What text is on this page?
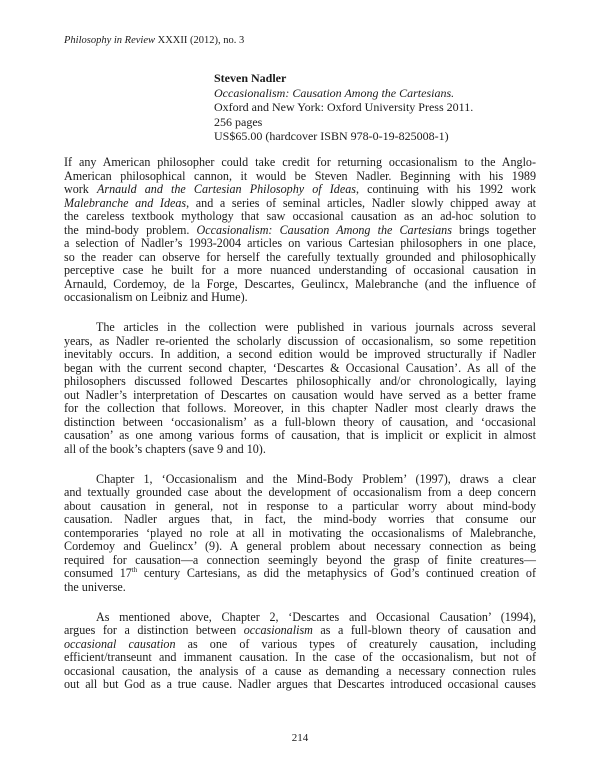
Philosophy in Review XXXII (2012), no. 3
Steven Nadler
Occasionalism: Causation Among the Cartesians.
Oxford and New York: Oxford University Press 2011.
256 pages
US$65.00 (hardcover ISBN 978-0-19-825008-1)
If any American philosopher could take credit for returning occasionalism to the Anglo-
American philosophical cannon, it would be Steven Nadler. Beginning with his 1989
work Arnauld and the Cartesian Philosophy of Ideas, continuing with his 1992 work
Malebranche and Ideas, and a series of seminal articles, Nadler slowly chipped away at
the careless textbook mythology that saw occasional causation as an ad-hoc solution to
the mind-body problem. Occasionalism: Causation Among the Cartesians brings together
a selection of Nadler’s 1993-2004 articles on various Cartesian philosophers in one place,
so the reader can observe for herself the carefully textually grounded and philosophically
perceptive case he built for a more nuanced understanding of occasional causation in
Arnauld, Cordemoy, de la Forge, Descartes, Geulincx, Malebranche (and the influence of
occasionalism on Leibniz and Hume).
The articles in the collection were published in various journals across several
years, as Nadler re-oriented the scholarly discussion of occasionalism, so some repetition
inevitably occurs. In addition, a second edition would be improved structurally if Nadler
began with the current second chapter, ‘Descartes & Occasional Causation’. As all of the
philosophers discussed followed Descartes philosophically and/or chronologically, laying
out Nadler’s interpretation of Descartes on causation would have served as a better frame
for the collection that follows. Moreover, in this chapter Nadler most clearly draws the
distinction between ‘occasionalism’ as a full-blown theory of causation, and ‘occasional
causation’ as one among various forms of causation, that is implicit or explicit in almost
all of the book’s chapters (save 9 and 10).
Chapter 1, ‘Occasionalism and the Mind-Body Problem’ (1997), draws a clear
and textually grounded case about the development of occasionalism from a deep concern
about causation in general, not in response to a particular worry about mind-body
causation. Nadler argues that, in fact, the mind-body worries that consume our
contemporaries ‘played no role at all in motivating the occasionalisms of Malebranche,
Cordemoy and Guelincx’ (9). A general problem about necessary connection as being
required for causation—a connection seemingly beyond the grasp of finite creatures—
consumed 17th century Cartesians, as did the metaphysics of God’s continued creation of
the universe.
As mentioned above, Chapter 2, ‘Descartes and Occasional Causation’ (1994),
argues for a distinction between occasionalism as a full-blown theory of causation and
occasional causation as one of various types of creaturely causation, including
efficient/transeunt and immanent causation. In the case of the occasionalism, but not of
occasional causation, the analysis of a cause as demanding a necessary connection rules
out all but God as a true cause. Nadler argues that Descartes introduced occasional causes
214
